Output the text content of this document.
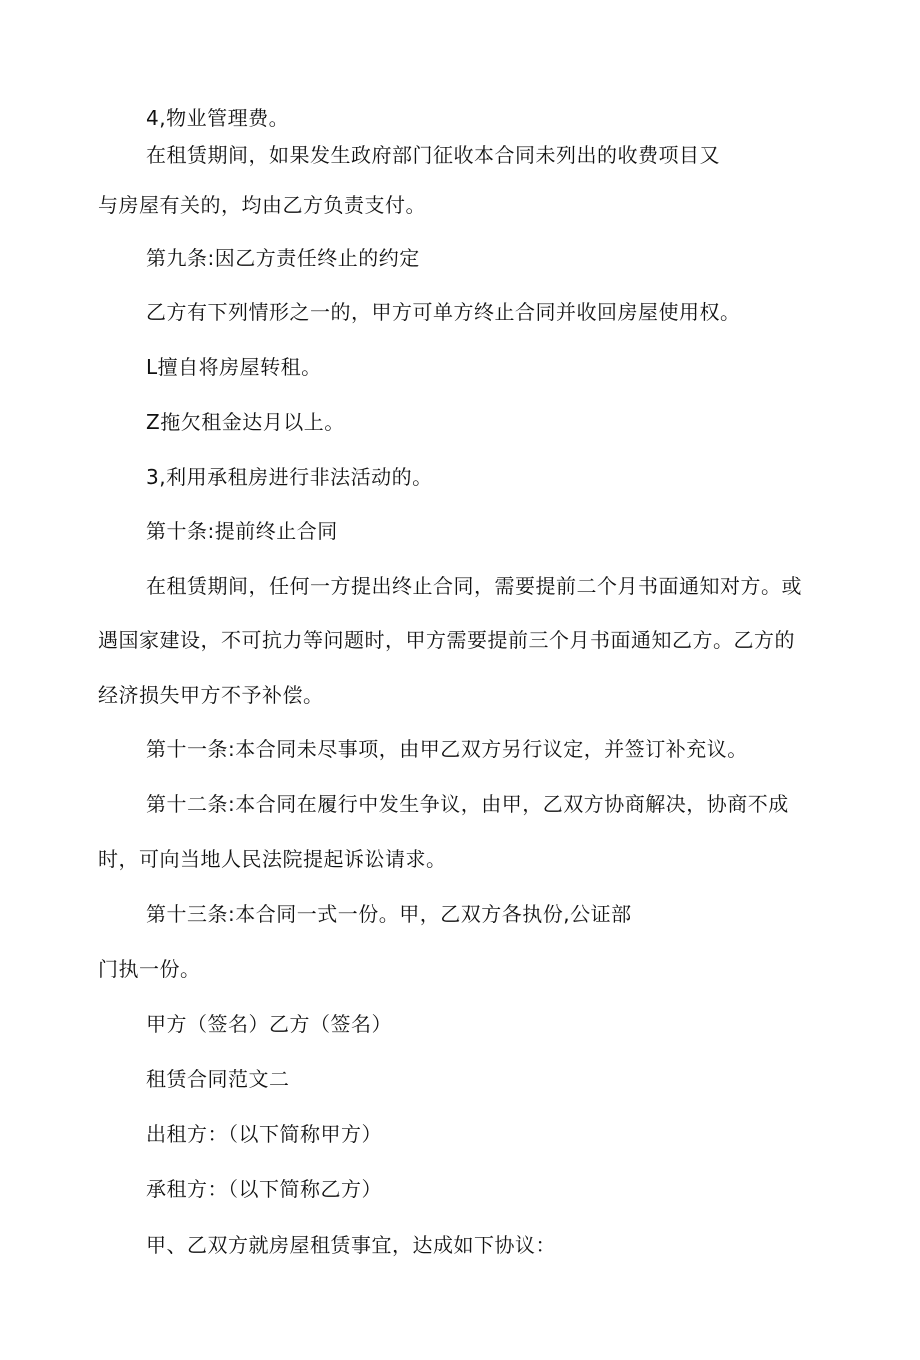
4,物业管理费。
在租赁期间，如果发生政府部门征收本合同未列出的收费项目又
与房屋有关的，均由乙方负责支付。
第九条:因乙方责任终止的约定
乙方有下列情形之一的，甲方可单方终止合同并收回房屋使用权。
L擅自将房屋转租。
Z拖欠租金达月以上。
3,利用承租房进行非法活动的。
第十条:提前终止合同
在租赁期间，任何一方提出终止合同，需要提前二个月书面通知对方。或
遇国家建设，不可抗力等问题时，甲方需要提前三个月书面通知乙方。乙方的
经济损失甲方不予补偿。
第十一条:本合同未尽事项，由甲乙双方另行议定，并签订补充议。
第十二条:本合同在履行中发生争议，由甲，乙双方协商解决，协商不成
时，可向当地人民法院提起诉讼请求。
第十三条:本合同一式一份。甲，乙双方各执份,公证部
门执一份。
甲方（签名）乙方（签名）
租赁合同范文二
出租方：（以下简称甲方）
承租方：（以下简称乙方）
甲、乙双方就房屋租赁事宜，达成如下协议：
